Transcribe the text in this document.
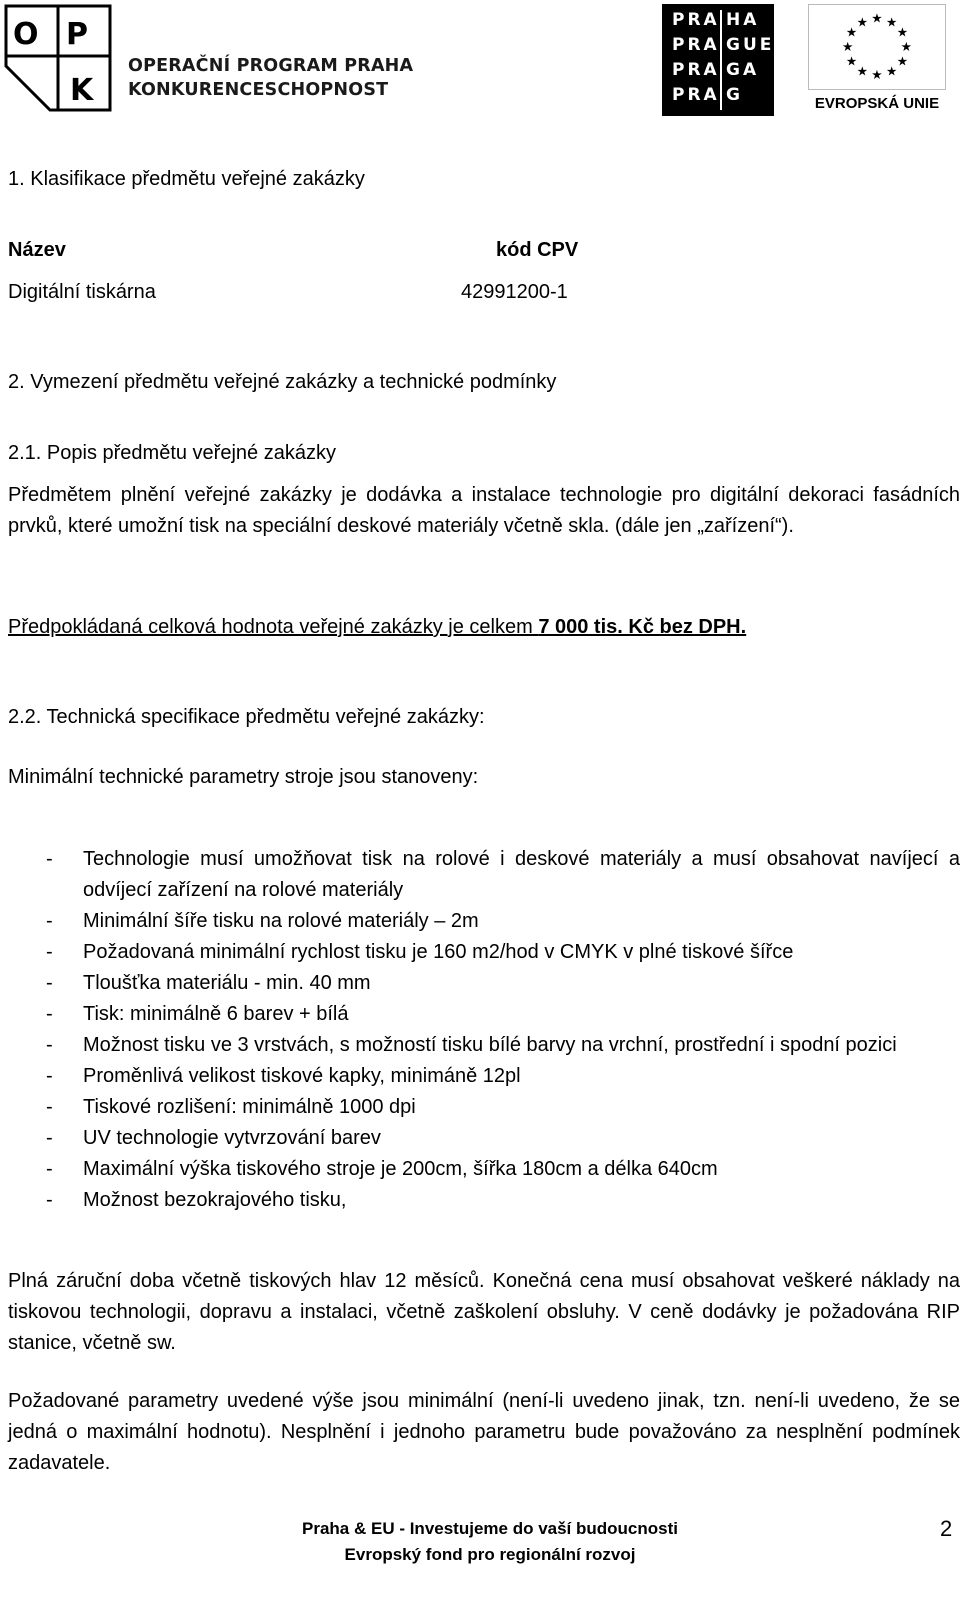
O P
K
OPERAČNÍ PROGRAM PRAHA
KONKURENCESCHOPNOST
PRA HA
PRA GUE
PRA GA
PRA G
★ ★
★
★
★
★
★
★
★
★
★
★
EVROPSKÁ UNIE
1. Klasifikace předmětu veřejné zakázky
Název	kód CPV
Digitální tiskárna	42991200-1
2. Vymezení předmětu veřejné zakázky a technické podmínky
2.1. Popis předmětu veřejné zakázky
Předmětem plnění veřejné zakázky je dodávka a instalace technologie pro digitální dekoraci fasádních prvků, které umožní tisk na speciální deskové materiály včetně skla. (dále jen „zařízení“).
Předpokládaná celková hodnota veřejné zakázky je celkem 7 000 tis. Kč bez DPH.
2.2. Technická specifikace předmětu veřejné zakázky:
Minimální technické parametry stroje jsou stanoveny:
- Technologie musí umožňovat tisk na rolové i deskové materiály a musí obsahovat navíjecí a odvíjecí zařízení na rolové materiály
- Minimální šíře tisku na rolové materiály – 2m
- Požadovaná minimální rychlost tisku je 160 m2/hod v CMYK v plné tiskové šířce
- Tloušťka materiálu - min. 40 mm
- Tisk: minimálně 6 barev + bílá
- Možnost tisku ve 3 vrstvách, s možností tisku bílé barvy na vrchní, prostřední i spodní pozici
- Proměnlivá velikost tiskové kapky, minimáně 12pl
- Tiskové rozlišení: minimálně 1000 dpi
- UV technologie vytvrzování barev
- Maximální výška tiskového stroje je 200cm, šířka 180cm a délka 640cm
- Možnost bezokrajového tisku,
Plná záruční doba včetně tiskových hlav 12 měsíců. Konečná cena musí obsahovat veškeré náklady na tiskovou technologii, dopravu a instalaci, včetně zaškolení obsluhy. V ceně dodávky je požadována RIP stanice, včetně sw.
Požadované parametry uvedené výše jsou minimální (není-li uvedeno jinak, tzn. není-li uvedeno, že se jedná o maximální hodnotu). Nesplnění i jednoho parametru bude považováno za nesplnění podmínek zadavatele.
Praha & EU - Investujeme do vaší budoucnosti
Evropský fond pro regionální rozvoj
2
